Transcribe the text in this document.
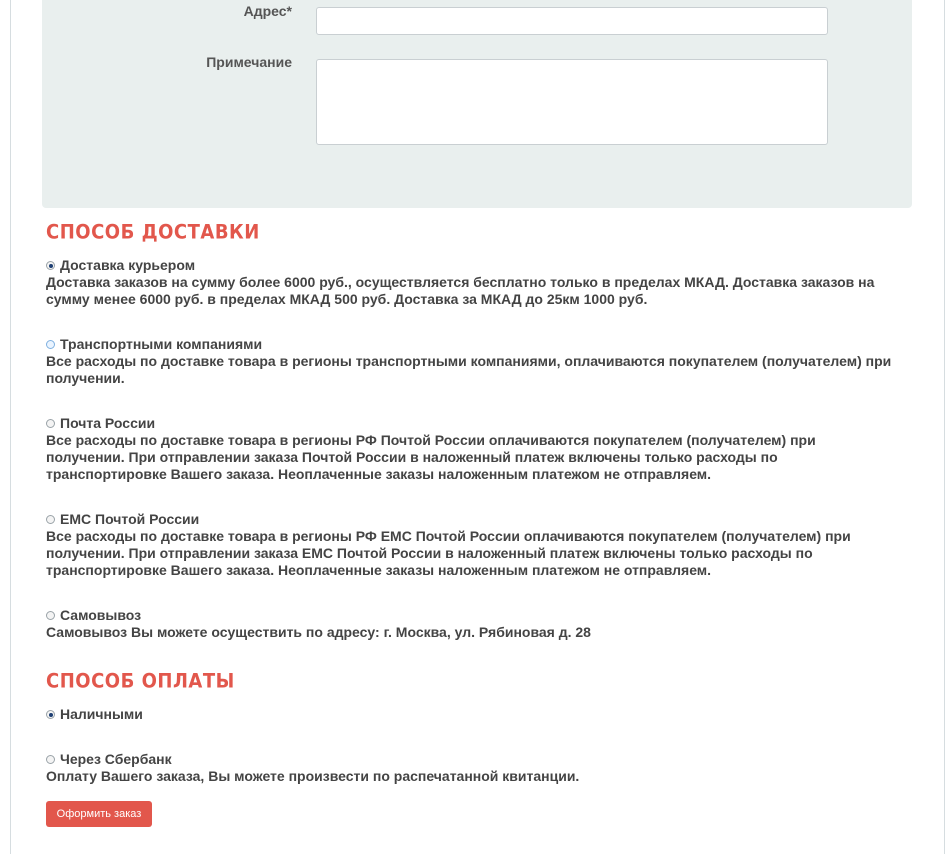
Адрес*
Примечание
СПОСОБ ДОСТАВКИ
Доставка курьером
Доставка заказов на сумму более 6000 руб., осуществляется бесплатно только в пределах МКАД. Доставка заказов на сумму менее 6000 руб. в пределах МКАД 500 руб. Доставка за МКАД до 25км 1000 руб.
Транспортными компаниями
Все расходы по доставке товара в регионы транспортными компаниями, оплачиваются покупателем (получателем) при получении.
Почта России
Все расходы по доставке товара в регионы РФ Почтой России оплачиваются покупателем (получателем) при получении. При отправлении заказа Почтой России в наложенный платеж включены только расходы по транспортировке Вашего заказа. Неоплаченные заказы наложенным платежом не отправляем.
EMC Почтой России
Все расходы по доставке товара в регионы РФ EMC Почтой России оплачиваются покупателем (получателем) при получении. При отправлении заказа EMC Почтой России в наложенный платеж включены только расходы по транспортировке Вашего заказа. Неоплаченные заказы наложенным платежом не отправляем.
Самовывоз
Самовывоз Вы можете осуществить по адресу: г. Москва, ул. Рябиновая д. 28
СПОСОБ ОПЛАТЫ
Наличными
Через Сбербанк
Оплату Вашего заказа, Вы можете произвести по распечатанной квитанции.
Оформить заказ
